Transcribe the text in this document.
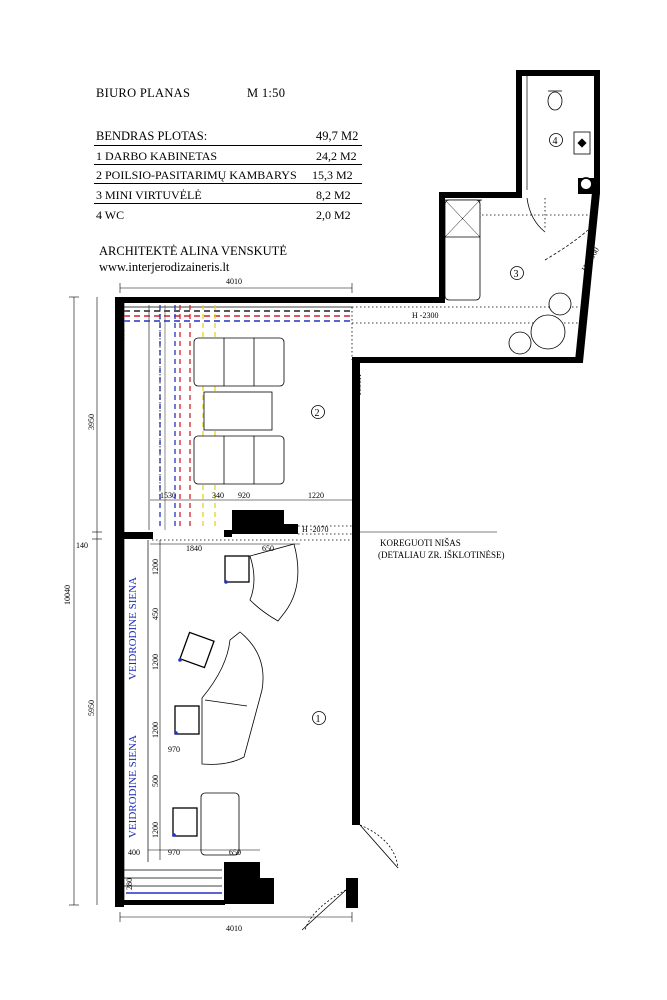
BIURO PLANAS	M 1:50
BENDRAS PLOTAS:	49,7 M2
1 DARBO KABINETAS	24,2 M2
2 POILSIO-PASITARIMŲ KAMBARYS 15,3 M2
3 MINI VIRTUVĖLĖ	8,2 M2
4 WC	2,0 M2
ARCHITEKTĖ ALINA VENSKUTĖ
www.interjerodizaineris.lt
4010
4010
10040
3950
5950
140
1530	340 920	1220
1840	650
1200
450
1200
1200
500
1200
970
970
400	650
280
H -2300
H -2070
H -2060
1050H
VEIDRODINE SIENA
VEIDRODINE SIENA
KOREGUOTI NIŠAS
(DETALIAU ZR. IŠKLOTINĖSE)
1
2
3
4
